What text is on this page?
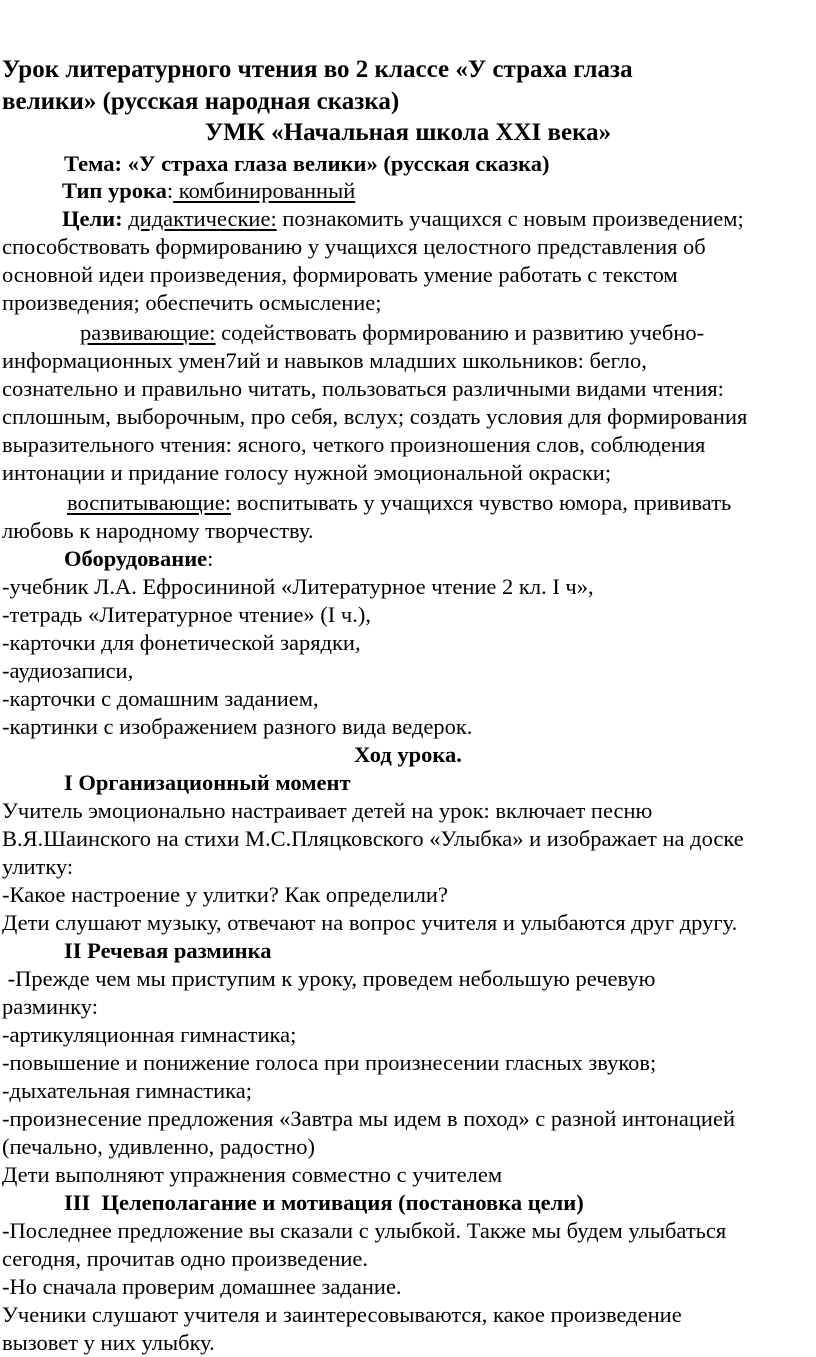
Урок литературного чтения во 2 классе «У страха глаза
велики» (русская народная сказка)
УМК «Начальная школа XXI века»
Тема: «У страха глаза велики» (русская сказка)
Тип урока: комбинированный
Цели: дидактические: познакомить учащихся с новым произведением;
способствовать формированию у учащихся целостного представления об
основной идеи произведения, формировать умение работать с текстом
произведения; обеспечить осмысление;
развивающие: содействовать формированию и развитию учебно-
информационных умен7ий и навыков младших школьников: бегло,
сознательно и правильно читать, пользоваться различными видами чтения:
сплошным, выборочным, про себя, вслух; создать условия для формирования
выразительного чтения: ясного, четкого произношения слов, соблюдения
интонации и придание голосу нужной эмоциональной окраски;
воспитывающие: воспитывать у учащихся чувство юмора, прививать
любовь к народному творчеству.
Оборудование:
-учебник Л.А. Ефросининой «Литературное чтение 2 кл. I ч»,
-тетрадь «Литературное чтение» (I ч.),
-карточки для фонетической зарядки,
-аудиозаписи,
-карточки с домашним заданием,
-картинки с изображением разного вида ведерок.
Ход урока.
I Организационный момент
Учитель эмоционально настраивает детей на урок: включает песню
В.Я.Шаинского на стихи М.С.Пляцковского «Улыбка» и изображает на доске
улитку:
-Какое настроение у улитки? Как определили?
Дети слушают музыку, отвечают на вопрос учителя и улыбаются друг другу.
II Речевая разминка
-Прежде чем мы приступим к уроку, проведем небольшую речевую
разминку:
-артикуляционная гимнастика;
-повышение и понижение голоса при произнесении гласных звуков;
-дыхательная гимнастика;
-произнесение предложения «Завтра мы идем в поход» с разной интонацией
(печально, удивленно, радостно)
Дети выполняют упражнения совместно с учителем
III  Целеполагание и мотивация (постановка цели)
-Последнее предложение вы сказали с улыбкой. Также мы будем улыбаться
сегодня, прочитав одно произведение.
-Но сначала проверим домашнее задание.
Ученики слушают учителя и заинтересовываются, какое произведение
вызовет у них улыбку.
